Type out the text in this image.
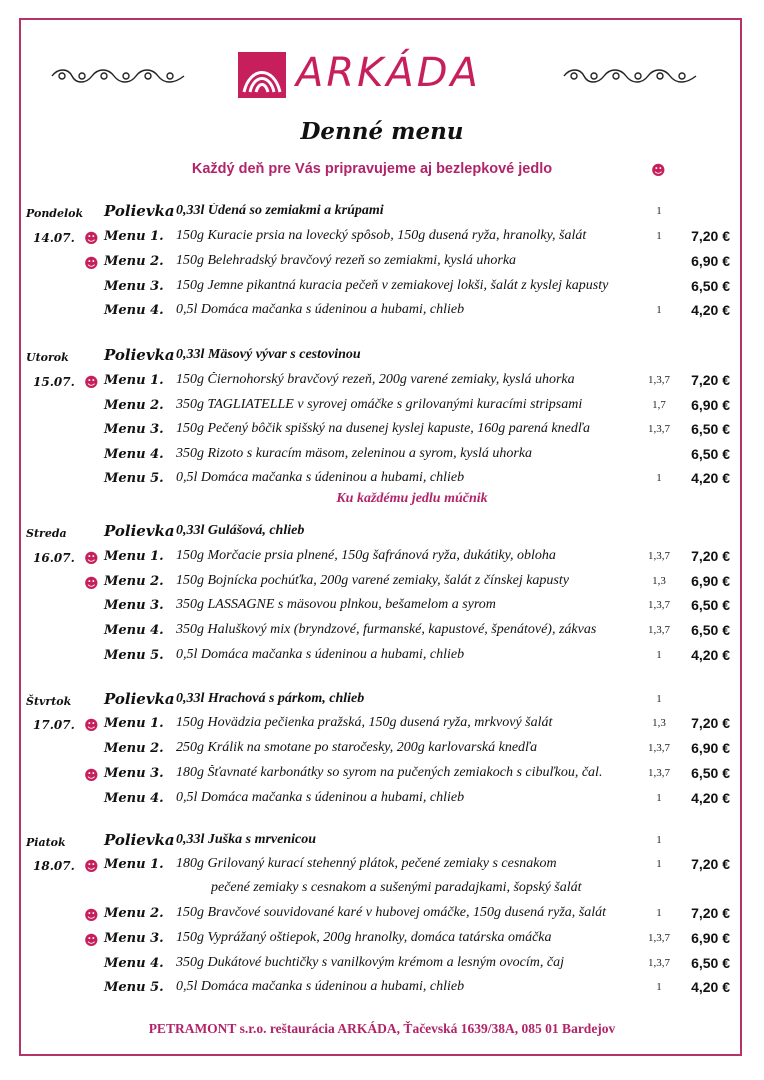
ARKÁDA
Denné menu
Každý deň pre Vás pripravujeme aj bezlepkové jedlo	☻
Pondelok
14.07.
Polievka 0,33l Údená so zemiakmi a krúpami	1
Menu 1. 150g Kuracie prsia na lovecký spôsob, 150g dusená ryža, hranolky, šalát	1	7,20 €
☻
Menu 2. 150g Belehradský bravčový rezeň so zemiakmi, kyslá uhorka	6,90 €
☻
Menu 3. 150g Jemne pikantná kuracia pečeň v zemiakovej lokši, šalát z kyslej kapusty	6,50 €
Menu 4. 0,5l Domáca mačanka s údeninou a hubami, chlieb	1	4,20 €
Utorok
15.07.
Polievka 0,33l Mäsový vývar s cestovinou
Menu 1. 150g Čiernohorský bravčový rezeň, 200g varené zemiaky, kyslá uhorka	1,3,7	7,20 €
☻
Menu 2. 350g TAGLIATELLE v syrovej omáčke s grilovanými kuracími stripsami	1,7	6,90 €
Menu 3. 150g Pečený bôčik spišský na dusenej kyslej kapuste, 160g parená knedľa	1,3,7	6,50 €
Menu 4. 350g Rizoto s kuracím mäsom, zeleninou a syrom, kyslá uhorka	6,50 €
Menu 5. 0,5l Domáca mačanka s údeninou a hubami, chlieb	1	4,20 €
Streda
16.07.
Polievka 0,33l Gulášová, chlieb
Menu 1. 150g Morčacie prsia plnené, 150g šafránová ryža, dukátiky, obloha	1,3,7	7,20 €
☻
Menu 2. 150g Bojnícka pochúťka, 200g varené zemiaky, šalát z čínskej kapusty	1,3	6,90 €
☻
Menu 3. 350g LASSAGNE s mäsovou plnkou, bešamelom a syrom	1,3,7	6,50 €
Menu 4. 350g Haluškový mix (bryndzové, furmanské, kapustové, špenátové), zákvas	1,3,7	6,50 €
Menu 5. 0,5l Domáca mačanka s údeninou a hubami, chlieb	1	4,20 €
Štvrtok
17.07.
Polievka 0,33l Hrachová s párkom, chlieb	1
Menu 1. 150g Hovädzia pečienka pražská, 150g dusená ryža, mrkvový šalát	1,3	7,20 €
☻
Menu 2. 250g Králik na smotane po staročesky, 200g karlovarská knedľa	1,3,7	6,90 €
Menu 3. 180g Šťavnaté karbonátky so syrom na pučených zemiakoch s cibuľkou, čal.	1,3,7	6,50 €
☻
Menu 4. 0,5l Domáca mačanka s údeninou a hubami, chlieb	1	4,20 €
Piatok
18.07.
Polievka 0,33l Juška s mrvenicou	1
Menu 1. 180g Grilovaný kurací stehenný plátok, pečené zemiaky s cesnakom	1	7,20 €
☻
pečené zemiaky s cesnakom a sušenými paradajkami, šopský šalát
Menu 2. 150g Bravčové souvidované karé v hubovej omáčke, 150g dusená ryža, šalát	1	7,20 €
☻
Menu 3. 150g Vyprážaný oštiepok, 200g hranolky, domáca tatárska omáčka	1,3,7	6,90 €
☻
Menu 4. 350g Dukátové buchtičky s vanilkovým krémom a lesným ovocím, čaj	1,3,7	6,50 €
Menu 5. 0,5l Domáca mačanka s údeninou a hubami, chlieb	1	4,20 €
Ku každému jedlu múčnik
PETRAMONT s.r.o. reštaurácia ARKÁDA, Ťačevská 1639/38A, 085 01 Bardejov
